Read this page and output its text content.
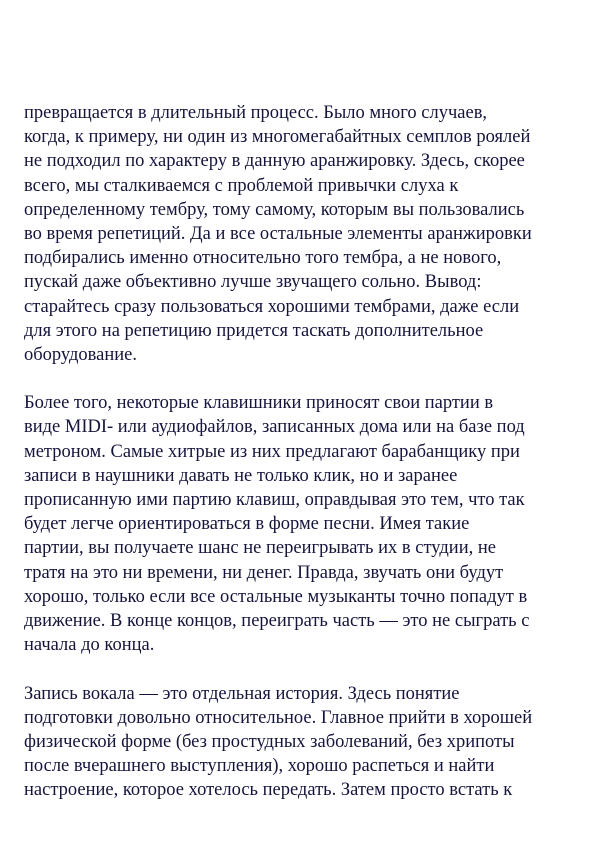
превращается в длительный процесс. Было много случаев,
когда, к примеру, ни один из многомегабайтных семплов роялей
не подходил по характеру в данную аранжировку. Здесь, скорее
всего, мы сталкиваемся с проблемой привычки слуха к
определенному тембру, тому самому, которым вы пользовались
во время репетиций. Да и все остальные элементы аранжировки
подбирались именно относительно того тембра, а не нового,
пускай даже объективно лучше звучащего сольно. Вывод:
старайтесь сразу пользоваться хорошими тембрами, даже если
для этого на репетицию придется таскать дополнительное
оборудование.
Более того, некоторые клавишники приносят свои партии в
виде MIDI- или аудиофайлов, записанных дома или на базе под
метроном. Самые хитрые из них предлагают барабанщику при
записи в наушники давать не только клик, но и заранее
прописанную ими партию клавиш, оправдывая это тем, что так
будет легче ориентироваться в форме песни. Имея такие
партии, вы получаете шанс не переигрывать их в студии, не
тратя на это ни времени, ни денег. Правда, звучать они будут
хорошо, только если все остальные музыканты точно попадут в
движение. В конце концов, переиграть часть — это не сыграть с
начала до конца.
Запись вокала — это отдельная история. Здесь понятие
подготовки довольно относительное. Главное прийти в хорошей
физической форме (без простудных заболеваний, без хрипоты
после вчерашнего выступления), хорошо распеться и найти
настроение, которое хотелось передать. Затем просто встать к
